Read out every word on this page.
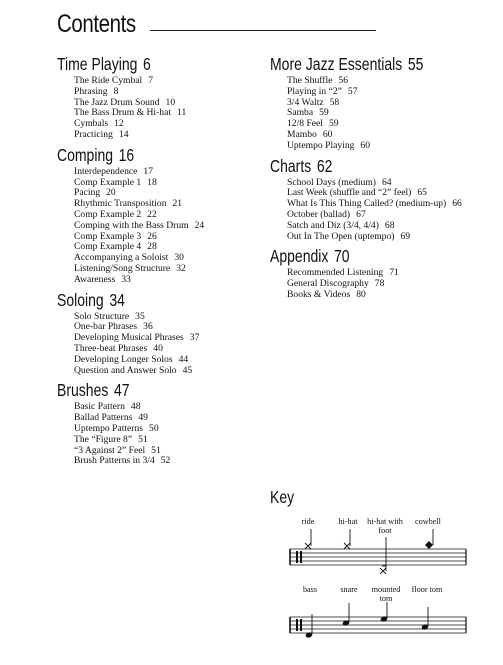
Contents
Time Playing 6
The Ride Cymbal 7
Phrasing 8
The Jazz Drum Sound 10
The Bass Drum & Hi-hat 11
Cymbals 12
Practicing 14
Comping 16
Interdependence 17
Comp Example 1 18
Pacing 20
Rhythmic Transposition 21
Comp Example 2 22
Comping with the Bass Drum 24
Comp Example 3 26
Comp Example 4 28
Accompanying a Soloist 30
Listening/Song Structure 32
Awareness 33
Soloing 34
Solo Structure 35
One-bar Phrases 36
Developing Musical Phrases 37
Three-beat Phrases 40
Developing Longer Solos 44
Question and Answer Solo 45
Brushes 47
Basic Pattern 48
Ballad Patterns 49
Uptempo Patterns 50
The “Figure 8” 51
“3 Against 2” Feel 51
Brush Patterns in 3/4 52
More Jazz Essentials 55
The Shuffle 56
Playing in “2” 57
3/4 Waltz 58
Samba 59
12/8 Feel 59
Mambo 60
Uptempo Playing 60
Charts 62
School Days (medium) 64
Last Week (shuffle and “2” feel) 65
What Is This Thing Called? (medium-up) 66
October (ballad) 67
Satch and Diz (3/4, 4/4) 68
Out In The Open (uptempo) 69
Appendix 70
Recommended Listening 71
General Discography 78
Books & Videos 80
Key
ride	hi-hat	hi-hat with foot
cowbell
bass	snare	mounted tom
floor tom
